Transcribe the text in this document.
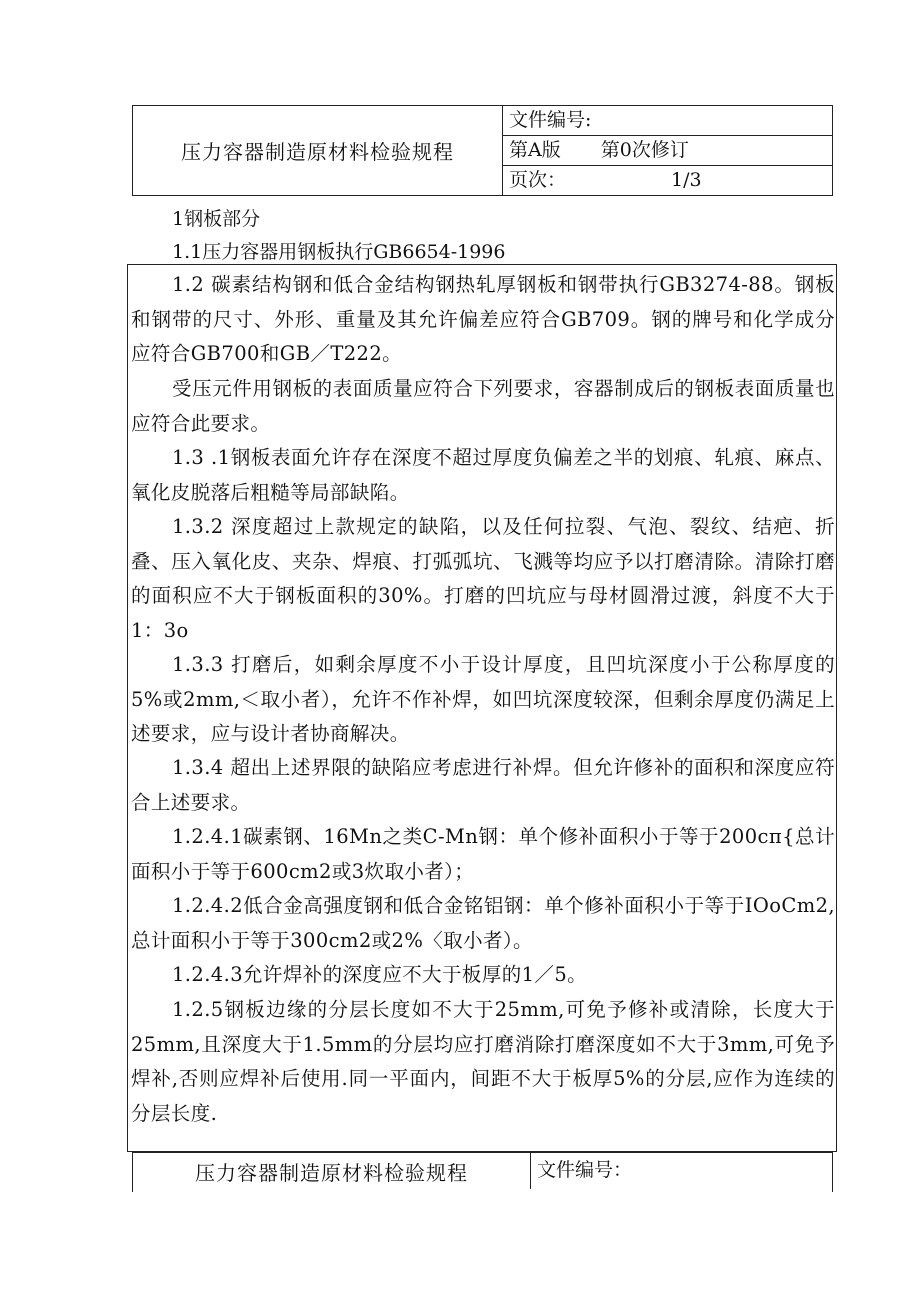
压力容器制造原材料检验规程
文件编号:
第A版 第0次修订
页次：	1/3
1钢板部分
1.1压力容器用钢板执行GB6654-1996

1.2 碳素结构钢和低合金结构钢热轧厚钢板和钢带执行GB3274-88。钢板和钢带的尺寸、外形、重量及其允许偏差应符合GB709。钢的牌号和化学成分应符合GB700和GB／T222。

受压元件用钢板的表面质量应符合下列要求，容器制成后的钢板表面质量也应符合此要求。

1.3 .1钢板表面允许存在深度不超过厚度负偏差之半的划痕、轧痕、麻点、氧化皮脱落后粗糙等局部缺陷。

1.3.2 深度超过上款规定的缺陷，以及任何拉裂、气泡、裂纹、结疤、折叠、压入氧化皮、夹杂、焊痕、打弧弧坑、飞溅等均应予以打磨清除。清除打磨的面积应不大于钢板面积的30%。打磨的凹坑应与母材圆滑过渡，斜度不大于1：3o

1.3.3 打磨后，如剩余厚度不小于设计厚度，且凹坑深度小于公称厚度的5%或2mm,＜取小者），允许不作补焊，如凹坑深度较深，但剩余厚度仍满足上述要求，应与设计者协商解决。

1.3.4 超出上述界限的缺陷应考虑进行补焊。但允许修补的面积和深度应符合上述要求。

1.2.4.1碳素钢、16Mn之类C-Mn钢：单个修补面积小于等于200cπ{总计面积小于等于600cm2或3炊取小者）；

1.2.4.2低合金高强度钢和低合金铭铝钢：单个修补面积小于等于IOoCm2,总计面积小于等于300cm2或2%〈取小者）。

1.2.4.3允许焊补的深度应不大于板厚的1／5。

1.2.5钢板边缘的分层长度如不大于25mm,可免予修补或清除，长度大于25mm,且深度大于1.5mm的分层均应打磨消除打磨深度如不大于3mm,可免予焊补,否则应焊补后使用.同一平面内，间距不大于板厚5%的分层,应作为连续的分层长度.

压力容器制造原材料检验规程	文件编号：
